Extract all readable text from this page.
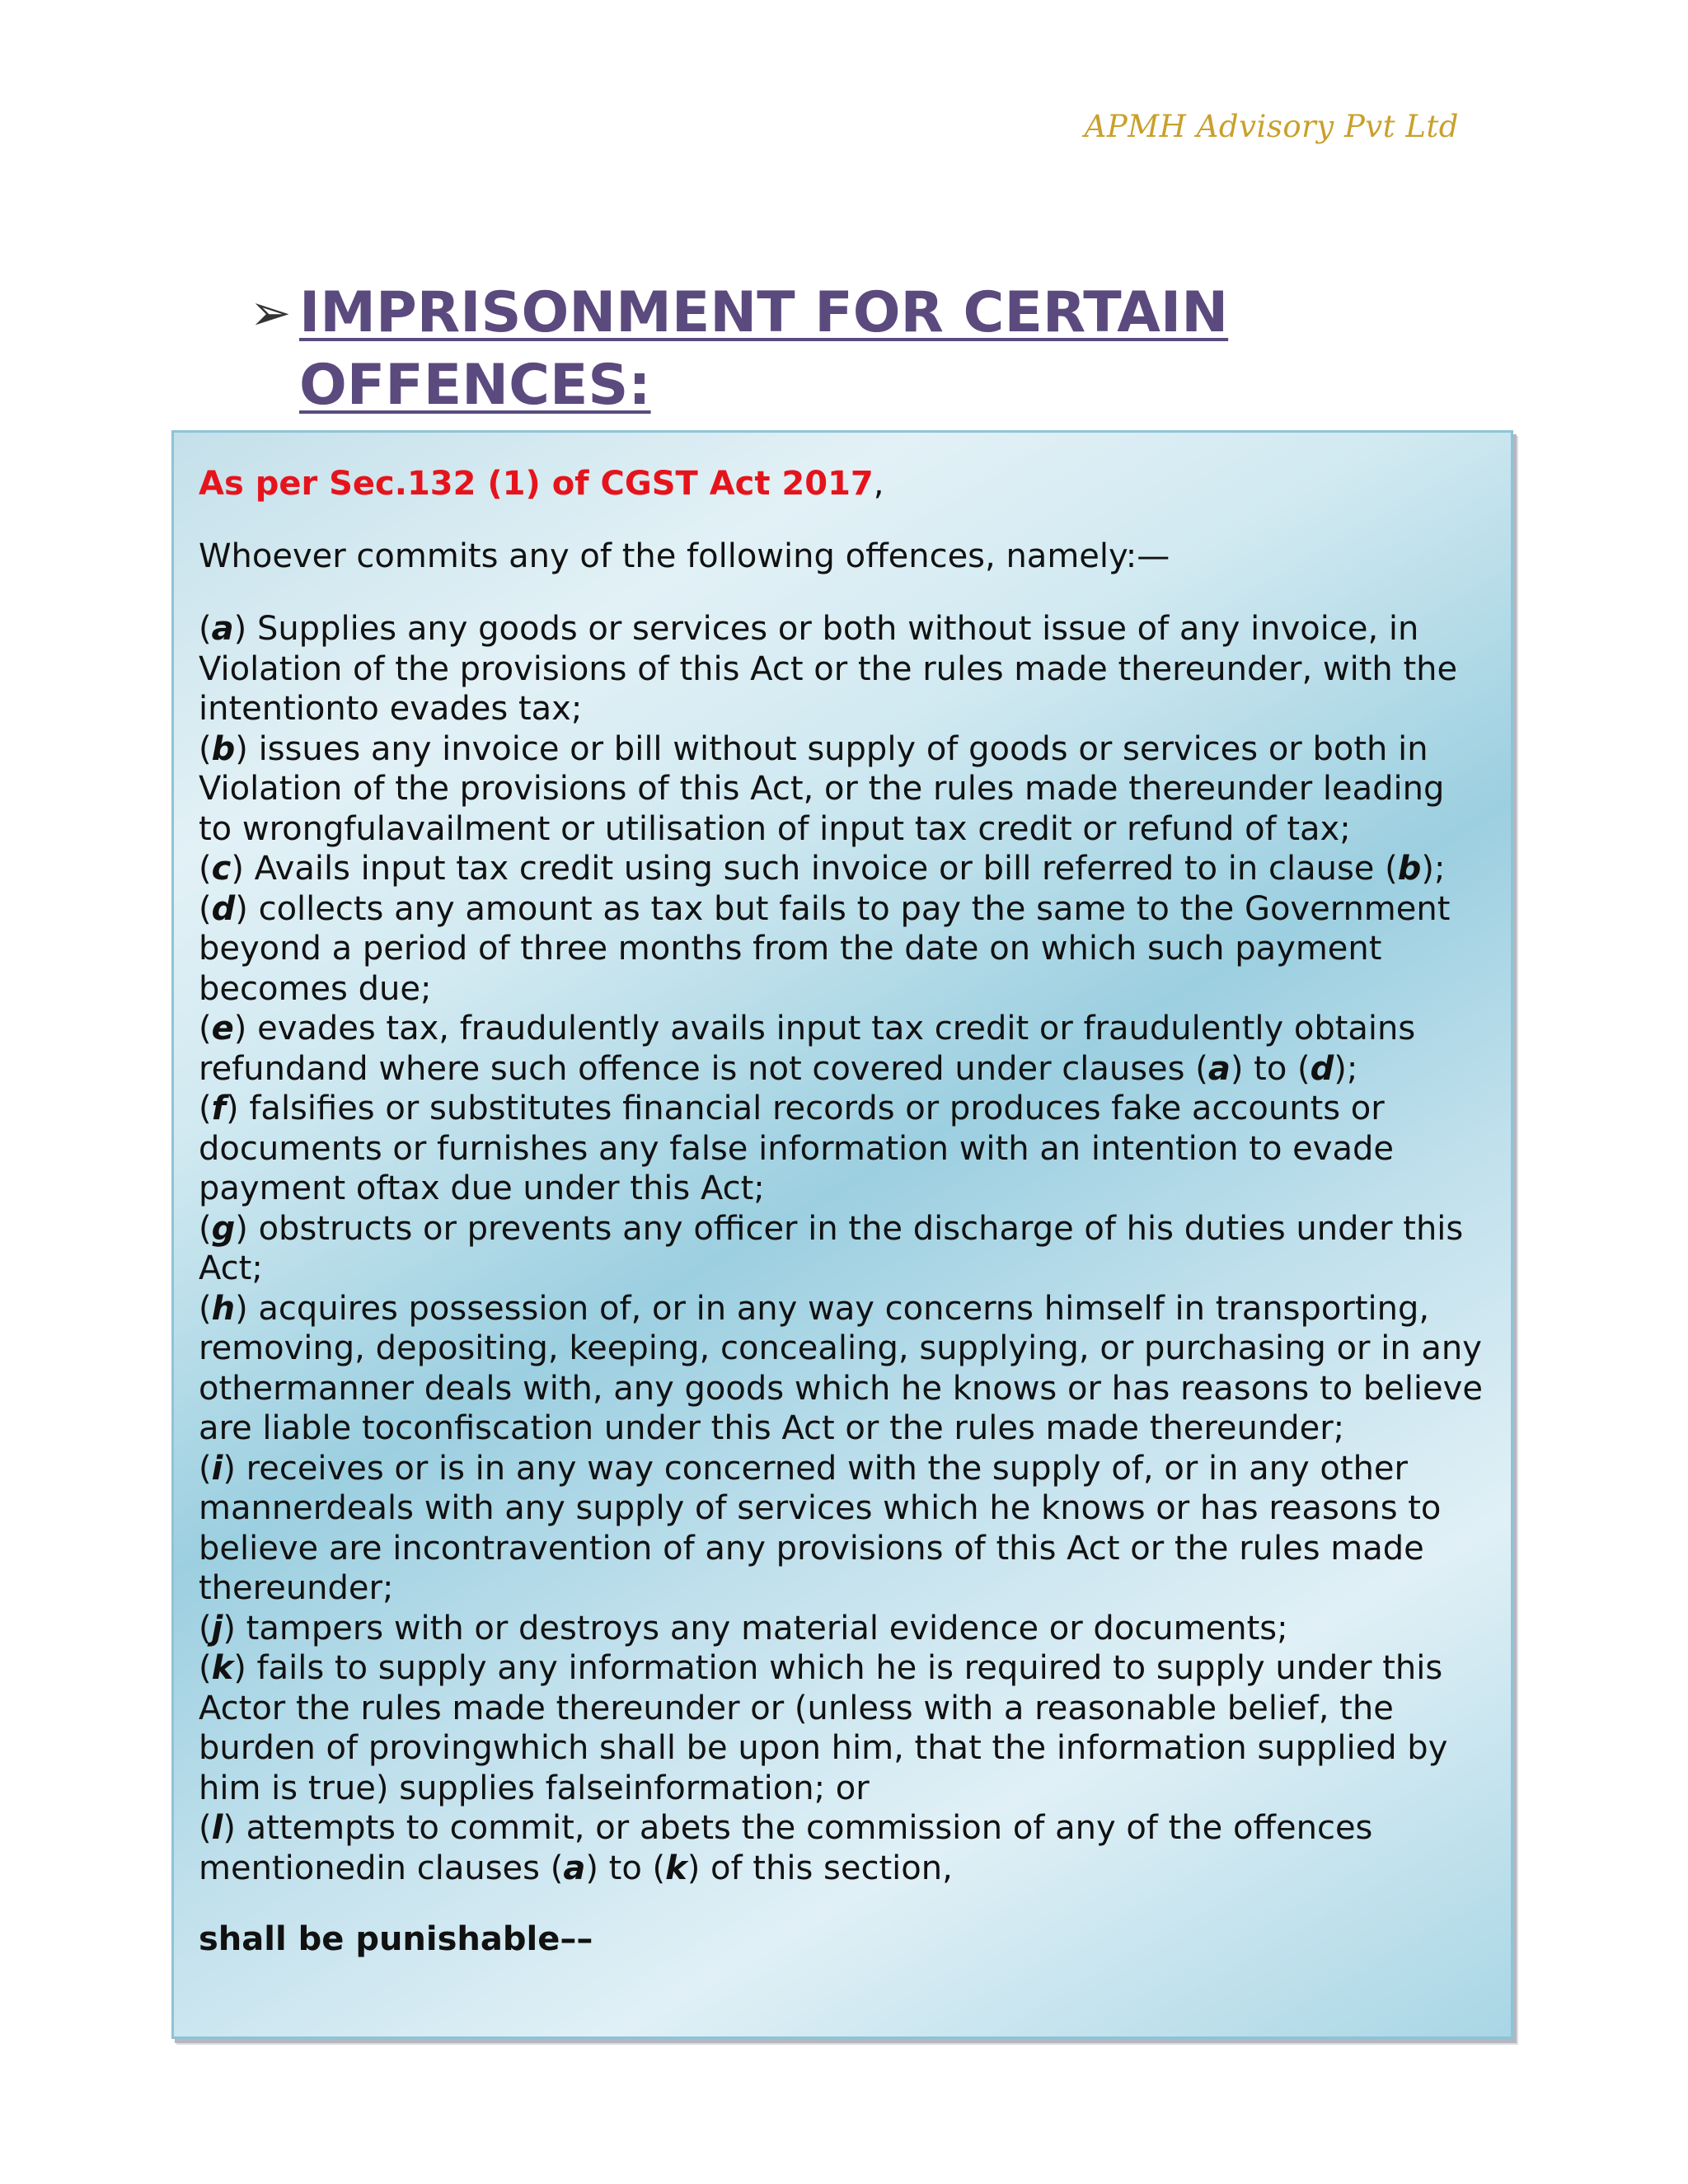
APMH Advisory Pvt Ltd
➢ IMPRISONMENT FOR CERTAIN OFFENCES:

As per Sec.132 (1) of CGST Act 2017,

Whoever commits any of the following offences, namely:—

(a) Supplies any goods or services or both without issue of any invoice, in Violation of the provisions of this Act or the rules made thereunder, with the intentionto evades tax;

(b) issues any invoice or bill without supply of goods or services or both in Violation of the provisions of this Act, or the rules made thereunder leading to wrongfulavailment or utilisation of input tax credit or refund of tax;

(c) Avails input tax credit using such invoice or bill referred to in clause (b);

(d) collects any amount as tax but fails to pay the same to the Government beyond a period of three months from the date on which such payment becomes due;

(e) evades tax, fraudulently avails input tax credit or fraudulently obtains refundand where such offence is not covered under clauses (a) to (d);

(f) falsifies or substitutes financial records or produces fake accounts or documents or furnishes any false information with an intention to evade payment oftax due under this Act;

(g) obstructs or prevents any officer in the discharge of his duties under this Act;

(h) acquires possession of, or in any way concerns himself in transporting, removing, depositing, keeping, concealing, supplying, or purchasing or in any othermanner deals with, any goods which he knows or has reasons to believe are liable toconfiscation under this Act or the rules made thereunder;

(i) receives or is in any way concerned with the supply of, or in any other mannerdeals with any supply of services which he knows or has reasons to believe are incontravention of any provisions of this Act or the rules made thereunder;

(j) tampers with or destroys any material evidence or documents;

(k) fails to supply any information which he is required to supply under this Actor the rules made thereunder or (unless with a reasonable belief, the burden of provingwhich shall be upon him, that the information supplied by him is true) supplies falseinformation; or

(l) attempts to commit, or abets the commission of any of the offences mentionedin clauses (a) to (k) of this section,

shall be punishable––
